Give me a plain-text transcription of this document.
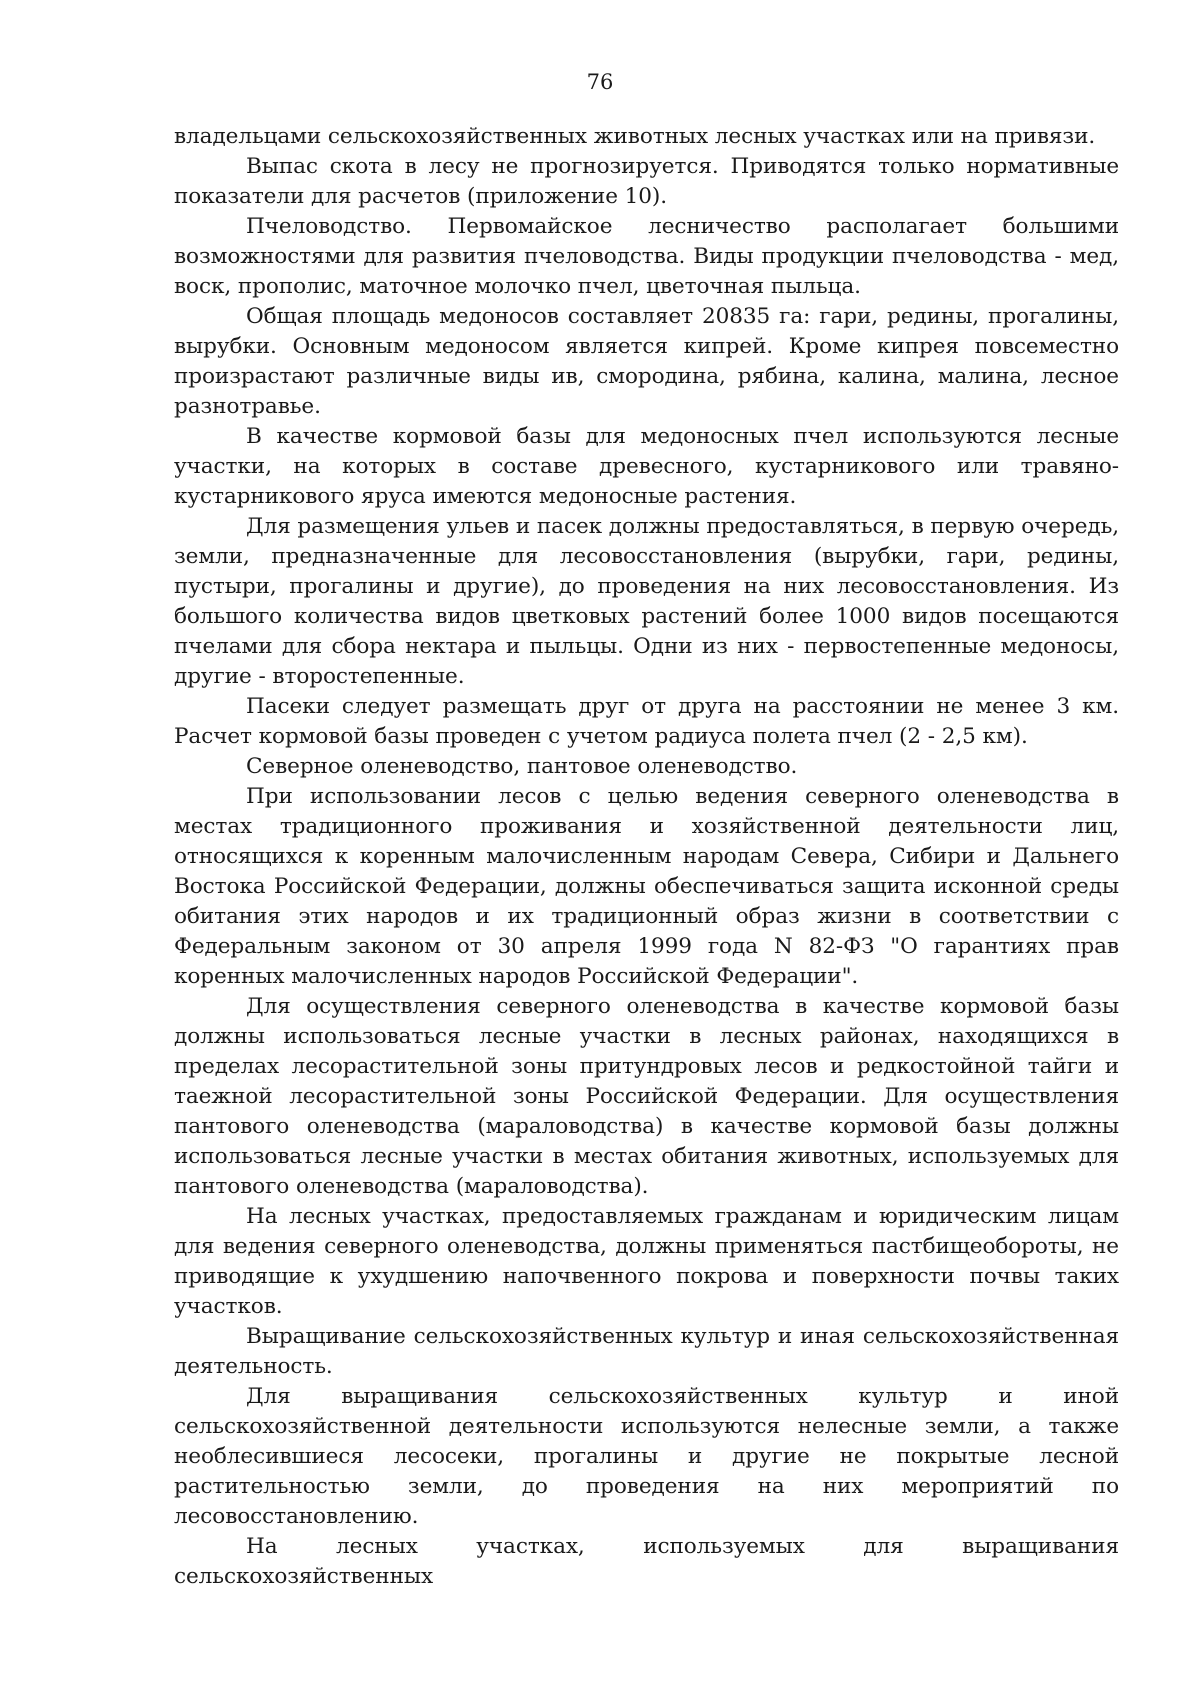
76

владельцами сельскохозяйственных животных лесных участках или на привязи.

Выпас скота в лесу не прогнозируется. Приводятся только нормативные показатели для расчетов (приложение 10).

Пчеловодство. Первомайское лесничество располагает большими возможностями для развития пчеловодства. Виды продукции пчеловодства - мед, воск, прополис, маточное молочко пчел, цветочная пыльца.

Общая площадь медоносов составляет 20835 га: гари, редины, прогалины, вырубки. Основным медоносом является кипрей. Кроме кипрея повсеместно произрастают различные виды ив, смородина, рябина, калина, малина, лесное разнотравье.

В качестве кормовой базы для медоносных пчел используются лесные участки, на которых в составе древесного, кустарникового или травяно-кустарникового яруса имеются медоносные растения.

Для размещения ульев и пасек должны предоставляться, в первую очередь, земли, предназначенные для лесовосстановления (вырубки, гари, редины, пустыри, прогалины и другие), до проведения на них лесовосстановления. Из большого количества видов цветковых растений более 1000 видов посещаются пчелами для сбора нектара и пыльцы. Одни из них - первостепенные медоносы, другие - второстепенные.

Пасеки следует размещать друг от друга на расстоянии не менее 3 км. Расчет кормовой базы проведен с учетом радиуса полета пчел (2 - 2,5 км).

Северное оленеводство, пантовое оленеводство.

При использовании лесов с целью ведения северного оленеводства в местах традиционного проживания и хозяйственной деятельности лиц, относящихся к коренным малочисленным народам Севера, Сибири и Дальнего Востока Российской Федерации, должны обеспечиваться защита исконной среды обитания этих народов и их традиционный образ жизни в соответствии с Федеральным законом от 30 апреля 1999 года N 82-ФЗ "О гарантиях прав коренных малочисленных народов Российской Федерации".

Для осуществления северного оленеводства в качестве кормовой базы должны использоваться лесные участки в лесных районах, находящихся в пределах лесорастительной зоны притундровых лесов и редкостойной тайги и таежной лесорастительной зоны Российской Федерации. Для осуществления пантового оленеводства (мараловодства) в качестве кормовой базы должны использоваться лесные участки в местах обитания животных, используемых для пантового оленеводства (мараловодства).

На лесных участках, предоставляемых гражданам и юридическим лицам для ведения северного оленеводства, должны применяться пастбищеобороты, не приводящие к ухудшению напочвенного покрова и поверхности почвы таких участков.

Выращивание сельскохозяйственных культур и иная сельскохозяйственная деятельность.

Для выращивания сельскохозяйственных культур и иной сельскохозяйственной деятельности используются нелесные земли, а также необлесившиеся лесосеки, прогалины и другие не покрытые лесной растительностью земли, до проведения на них мероприятий по лесовосстановлению.

На лесных участках, используемых для выращивания сельскохозяйственных
